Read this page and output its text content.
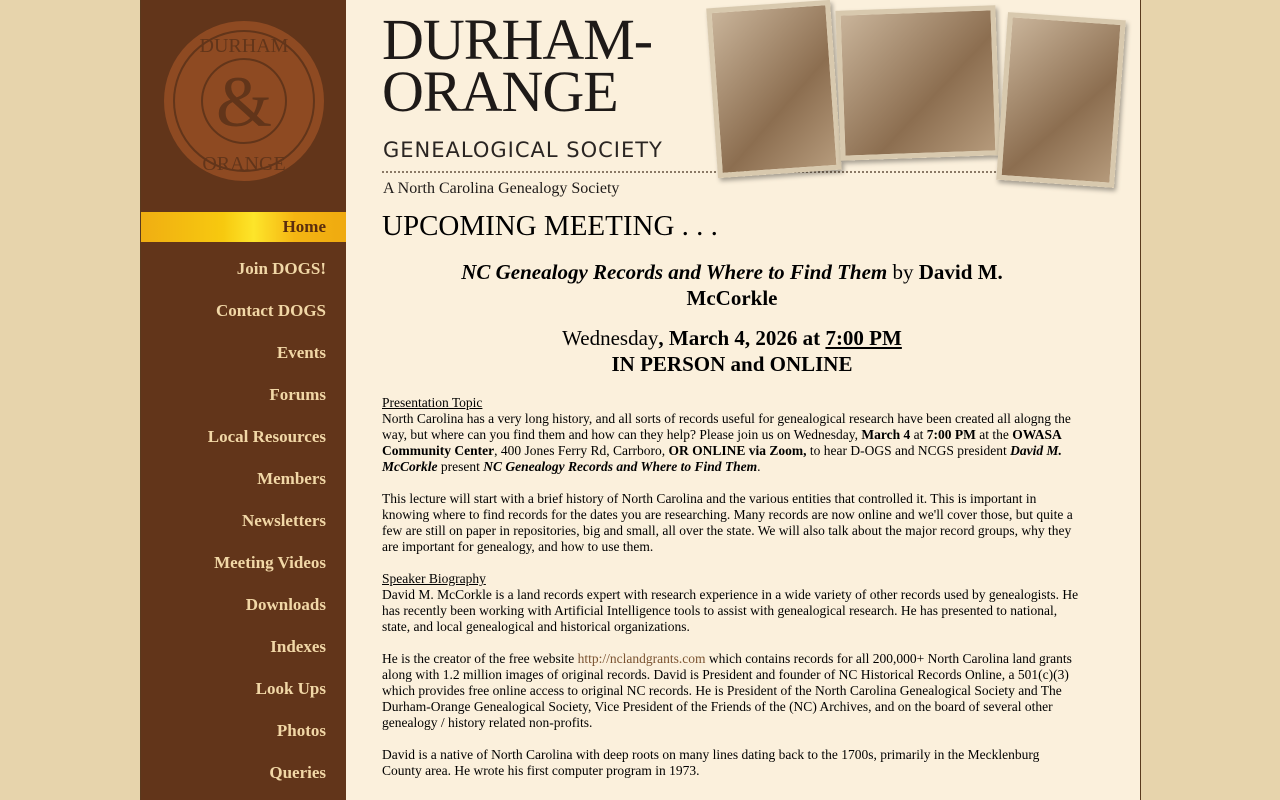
&
DURHAM
ORANGE
Home
Join DOGS!
Contact DOGS
Events
Forums
Local Resources
Members
Newsletters
Meeting Videos
Downloads
Indexes
Look Ups
Photos
Queries
DURHAM-
ORANGE
GENEALOGICAL SOCIETY
A North Carolina Genealogy Society
UPCOMING MEETING . . .
NC Genealogy Records and Where to Find Them by David M. McCorkle
Wednesday, March 4, 2026 at 7:00 PM
IN PERSON and ONLINE
Presentation Topic
North Carolina has a very long history, and all sorts of records useful for genealogical research have been created all alogng the way, but where can you find them and how can they help? Please join us on Wednesday, March 4 at 7:00 PM at the OWASA Community Center, 400 Jones Ferry Rd, Carrboro, OR ONLINE via Zoom, to hear D-OGS and NCGS president David M. McCorkle present NC Genealogy Records and Where to Find Them.
This lecture will start with a brief history of North Carolina and the various entities that controlled it. This is important in knowing where to find records for the dates you are researching. Many records are now online and we'll cover those, but quite a few are still on paper in repositories, big and small, all over the state. We will also talk about the major record groups, why they are important for genealogy, and how to use them.
Speaker Biography
David M. McCorkle is a land records expert with research experience in a wide variety of other records used by genealogists. He has recently been working with Artificial Intelligence tools to assist with genealogical research. He has presented to national, state, and local genealogical and historical organizations.
He is the creator of the free website http://nclandgrants.com which contains records for all 200,000+ North Carolina land grants along with 1.2 million images of original records. David is President and founder of NC Historical Records Online, a 501(c)(3) which provides free online access to original NC records. He is President of the North Carolina Genealogical Society and The Durham-Orange Genealogical Society, Vice President of the Friends of the (NC) Archives, and on the board of several other genealogy / history related non-profits.
David is a native of North Carolina with deep roots on many lines dating back to the 1700s, primarily in the Mecklenburg County area. He wrote his first computer program in 1973.
